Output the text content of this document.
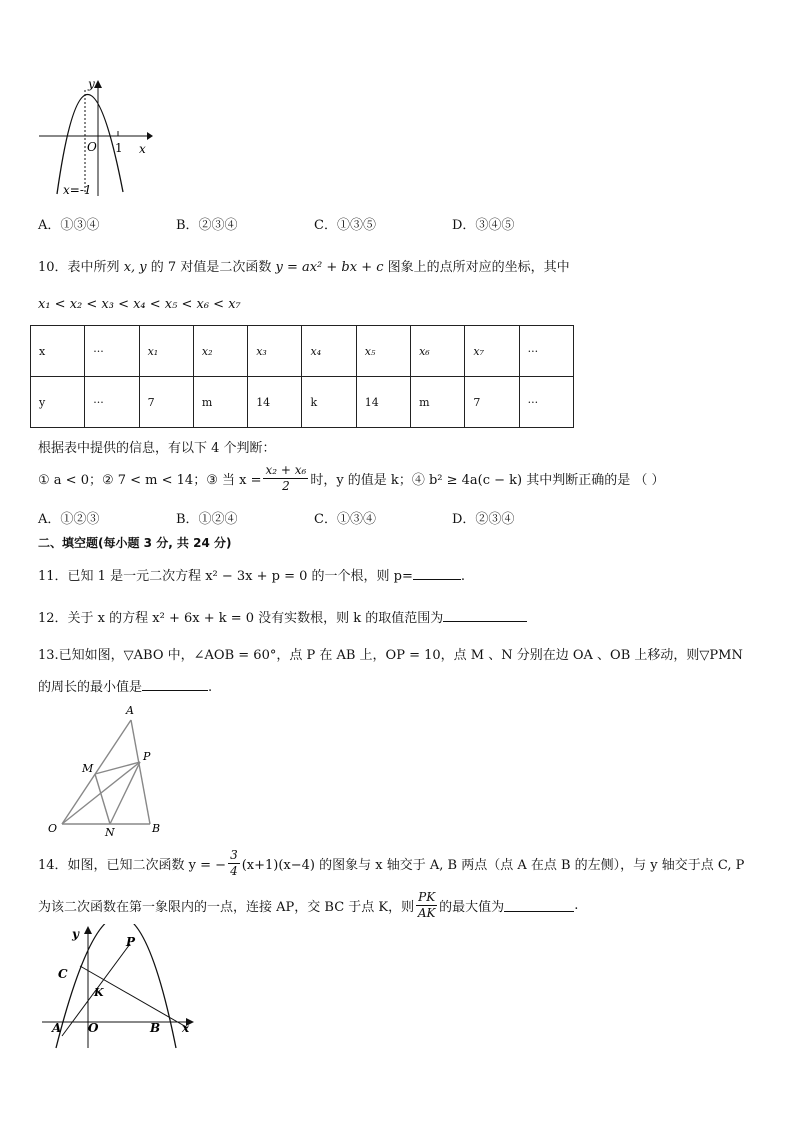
y
x
O 1
x=-1
A．①③④	B．②③④	C．①③⑤	D．③④⑤
10．表中所列 x, y 的 7 对值是二次函数 y = ax² + bx + c 图象上的点所对应的坐标，其中
x₁ < x₂ < x₃ < x₄ < x₅ < x₆ < x₇
x	···	x₁	x₂	x₃	x₄	x₅	x₆	x₇	···
y	···	7	m	14	k	14	m	7	···
根据表中提供的信息，有以下 4 个判断：
① a < 0；② 7 < m < 14；③ 当 $x = \frac{\text{x₂ + x₆}}{2}$ 时，y 的值是 k；④ b² ≥ 4a(c − k) 其中判断正确的是 （ ）
A．①②③	B．①②④	C．①③④	D．②③④
二、填空题(每小题 3 分, 共 24 分)
11．已知 1 是一元二次方程 x² − 3x + p = 0 的一个根，则 p=	.
12．关于 x 的方程 x² + 6x + k = 0 没有实数根，则 k 的取值范围为
13.已知如图，▽ABO 中，∠AOB = 60°，点 P 在 AB 上，OP = 10，点 M 、N 分别在边 OA 、OB 上移动，则▽PMN
的周长的最小值是	.
A
P
M
O	N	B
14．如图，已知二次函数 y = − $\frac{3}{4} (x+1)(x-4)$ 的图象与 x 轴交于 A, B 两点（点 A 在点 B 的左侧），与 y 轴交于点 C, P
为该二次函数在第一象限内的一点，连接 AP，交 BC 于点 K，则 $\frac{PK}{AK}$ 的最大值为	.
y
x
P
C
K
A O	B
